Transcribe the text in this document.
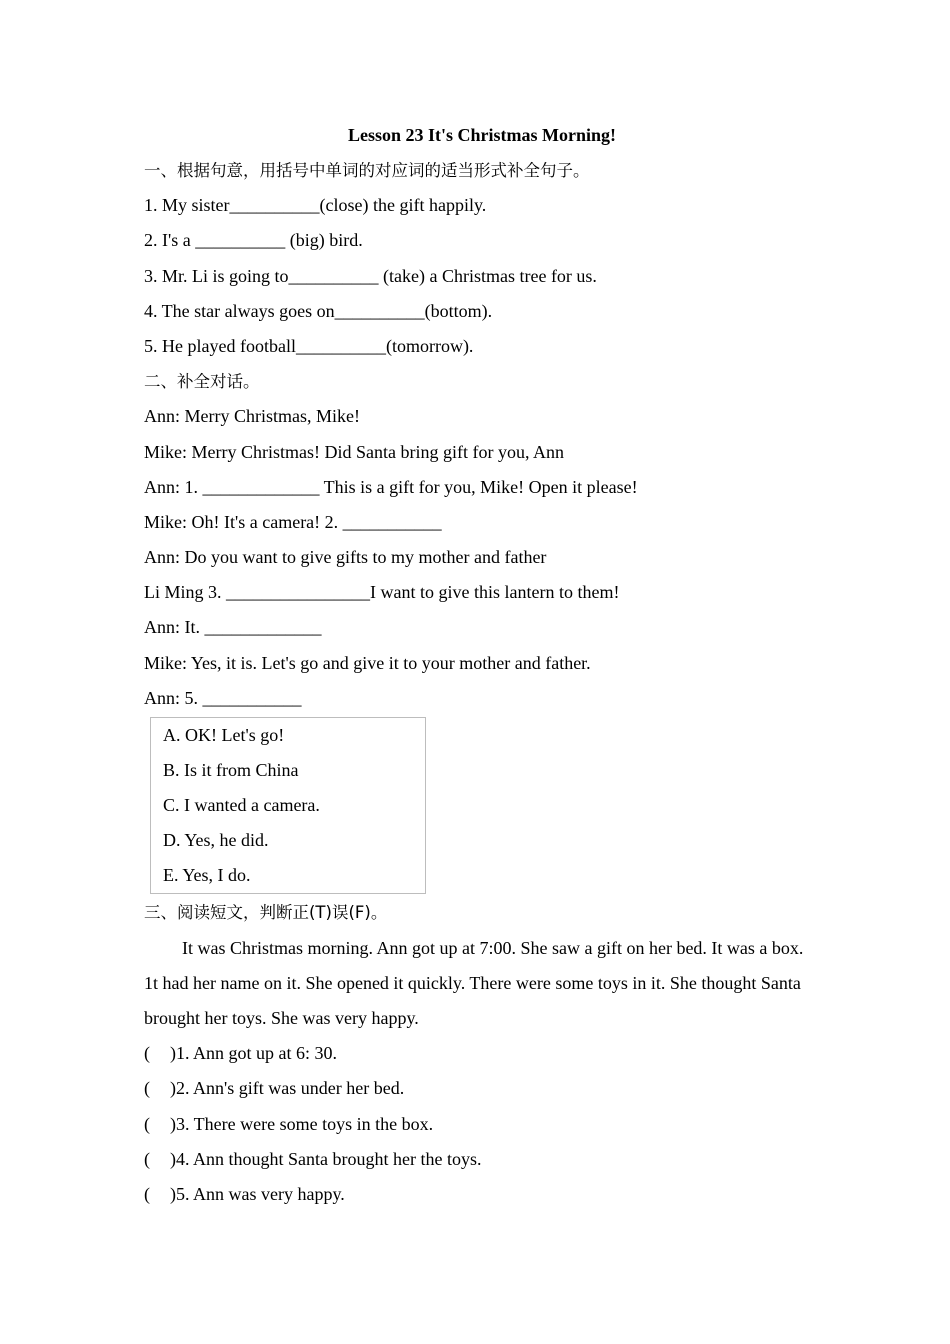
Lesson 23 It's Christmas Morning!
一、根据句意，用括号中单词的对应词的适当形式补全句子。
1. My sister__________(close) the gift happily.
2. I's a __________ (big) bird.
3. Mr. Li is going to__________ (take) a Christmas tree for us.
4. The star always goes on__________(bottom).
5. He played football__________(tomorrow).
二、补全对话。
Ann: Merry Christmas, Mike!
Mike: Merry Christmas! Did Santa bring gift for you, Ann
Ann: 1. _____________ This is a gift for you, Mike! Open it please!
Mike: Oh! It's a camera! 2. ___________
Ann: Do you want to give gifts to my mother and father
Li Ming 3. ________________I want to give this lantern to them!
Ann: It. _____________
Mike: Yes, it is. Let's go and give it to your mother and father.
Ann: 5. ___________
A. OK! Let's go!
B. Is it from China
C. I wanted a camera.
D. Yes, he did.
E. Yes, I do.
三、阅读短文，判断正(T)误(F)。
It was Christmas morning. Ann got up at 7:00. She saw a gift on her bed. It was a box. 1t had her name on it. She opened it quickly. There were some toys in it. She thought Santa brought her toys. She was very happy.
( )1. Ann got up at 6: 30.
( )2. Ann's gift was under her bed.
( )3. There were some toys in the box.
( )4. Ann thought Santa brought her the toys.
( )5. Ann was very happy.
